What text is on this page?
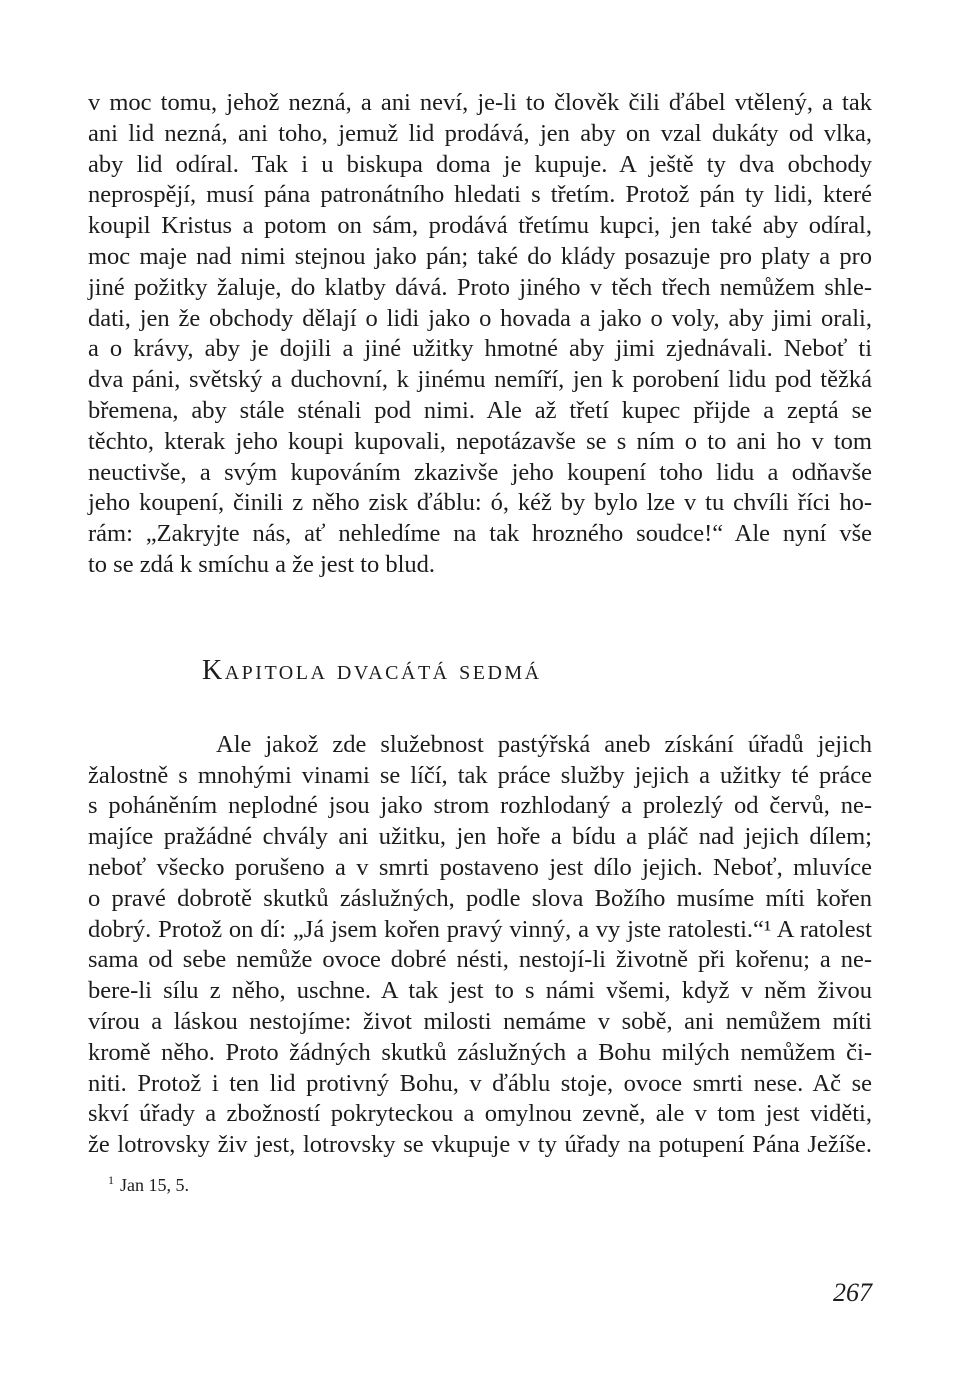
v moc tomu, jehož nezná, a ani neví, je-li to člověk čili ďábel vtělený, a tak
ani lid nezná, ani toho, jemuž lid prodává, jen aby on vzal dukáty od vlka,
aby lid odíral. Tak i u biskupa doma je kupuje. A ještě ty dva obchody
neprospějí, musí pána patronátního hledati s třetím. Protož pán ty lidi, které
koupil Kristus a potom on sám, prodává třetímu kupci, jen také aby odíral,
moc maje nad nimi stejnou jako pán; také do klády posazuje pro platy a pro
jiné požitky žaluje, do klatby dává. Proto jiného v těch třech nemůžem shle-
dati, jen že obchody dělají o lidi jako o hovada a jako o voly, aby jimi orali,
a o krávy, aby je dojili a jiné užitky hmotné aby jimi zjednávali. Neboť ti
dva páni, světský a duchovní, k jinému nemíří, jen k porobení lidu pod těžká
břemena, aby stále sténali pod nimi. Ale až třetí kupec přijde a zeptá se
těchto, kterak jeho koupi kupovali, nepotázavše se s ním o to ani ho v tom
neuctivše, a svým kupováním zkazivše jeho koupení toho lidu a odňavše
jeho koupení, činili z něho zisk ďáblu: ó, kéž by bylo lze v tu chvíli říci ho-
rám: „Zakryjte nás, ať nehledíme na tak hrozného soudce!“ Ale nyní vše
to se zdá k smíchu a že jest to blud.
Kapitola dvacátá sedmá
Ale jakož zde služebnost pastýřská aneb získání úřadů jejich
žalostně s mnohými vinami se líčí, tak práce služby jejich a užitky té práce
s poháněním neplodné jsou jako strom rozhlodaný a prolezlý od červů, ne-
majíce pražádné chvály ani užitku, jen hoře a bídu a pláč nad jejich dílem;
neboť všecko porušeno a v smrti postaveno jest dílo jejich. Neboť, mluvíce
o pravé dobrotě skutků záslužných, podle slova Božího musíme míti kořen
dobrý. Protož on dí: „Já jsem kořen pravý vinný, a vy jste ratolesti.“¹ A ratolest
sama od sebe nemůže ovoce dobré nésti, nestojí-li životně při kořenu; a ne-
bere-li sílu z něho, uschne. A tak jest to s námi všemi, když v něm živou
vírou a láskou nestojíme: život milosti nemáme v sobě, ani nemůžem míti
kromě něho. Proto žádných skutků záslužných a Bohu milých nemůžem či-
niti. Protož i ten lid protivný Bohu, v ďáblu stoje, ovoce smrti nese. Ač se
skví úřady a zbožností pokryteckou a omylnou zevně, ale v tom jest viděti,
že lotrovsky živ jest, lotrovsky se vkupuje v ty úřady na potupení Pána Ježíše.
$^1$ Jan 15, 5.
267
